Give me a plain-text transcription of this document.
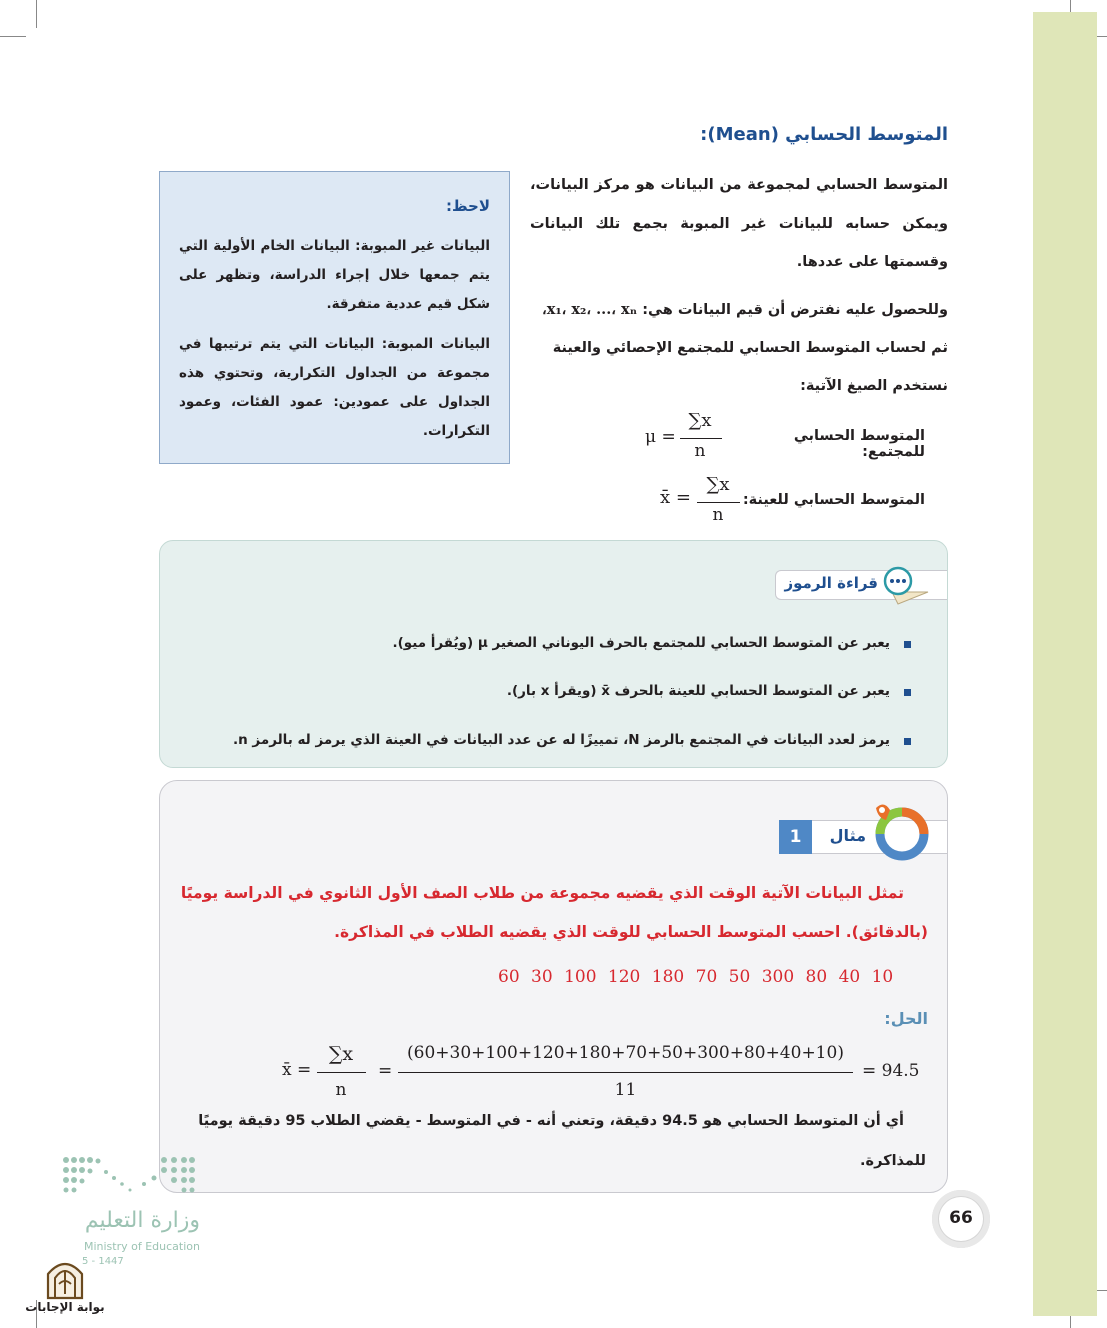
المتوسط الحسابي (Mean):
المتوسط الحسابي لمجموعة من البيانات هو مركز البيانات، ويمكن حسابه للبيانات غير المبوبة بجمع تلك البيانات وقسمتها على عددها.
وللحصول عليه نفترض أن قيم البيانات هي: x₁، x₂، ...، xₙ،
ثم لحساب المتوسط الحسابي للمجتمع الإحصائي والعينة
نستخدم الصيغ الآتية:
المتوسط الحسابي للمجتمع:
μ =
∑x
n
المتوسط الحسابي للعينة:
x̄ =
∑x
n
لاحظ:
البيانات غير المبوبة: البيانات الخام الأولية التي يتم جمعها خلال إجراء الدراسة، وتظهر على شكل قيم عددية متفرقة.
البيانات المبوبة: البيانات التي يتم ترتيبها في مجموعة من الجداول التكرارية، وتحتوي هذه الجداول على عمودين: عمود الفئات، وعمود التكرارات.
قراءة الرموز
يعبر عن المتوسط الحسابي للمجتمع بالحرف اليوناني الصغير μ (ويُقرأ ميو).
يعبر عن المتوسط الحسابي للعينة بالحرف x̄ (ويقرأ x بار).
يرمز لعدد البيانات في المجتمع بالرمز N، تمييزًا له عن عدد البيانات في العينة الذي يرمز له بالرمز n.
1	مثال
تمثل البيانات الآتية الوقت الذي يقضيه مجموعة من طلاب الصف الأول الثانوي في الدراسة يوميًا
(بالدقائق). احسب المتوسط الحسابي للوقت الذي يقضيه الطلاب في المذاكرة.
60 30 100 120 180 70 50 300 80 40 10
الحل:
x̄ =
∑x
n
=
(60+30+100+120+180+70+50+300+80+40+10)
11
= 94.5
أي أن المتوسط الحسابي هو 94.5 دقيقة، وتعني أنه - في المتوسط - يقضي الطلاب 95 دقيقة يوميًا
للمذاكرة.
66
وزارة التعليم
Ministry of Education
5 - 1447
بوابة الإجابات
